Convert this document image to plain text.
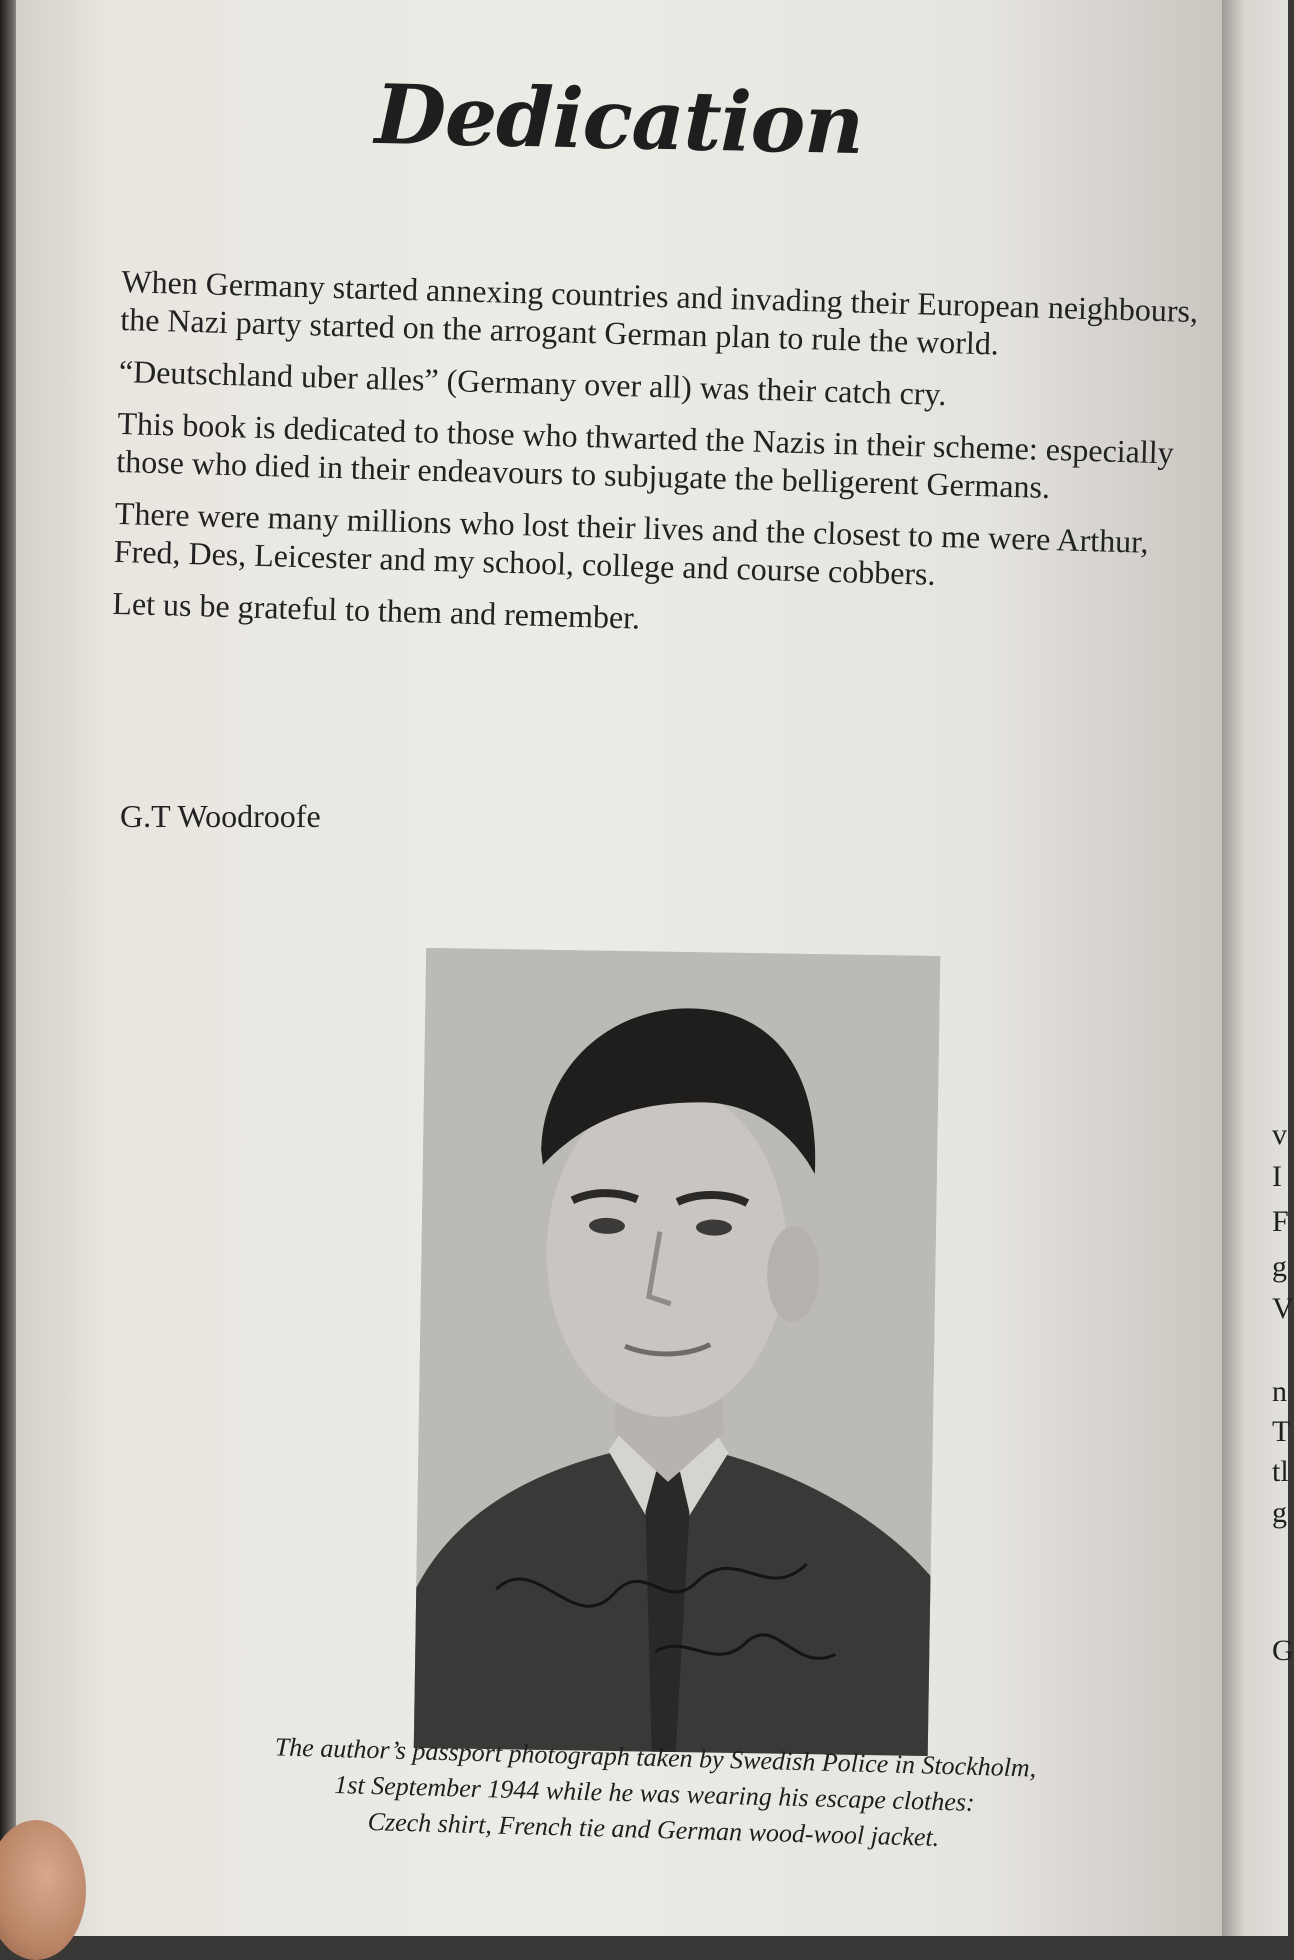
Dedication

When Germany started annexing countries and invading their European neighbours, the Nazi party started on the arrogant German plan to rule the world.

“Deutschland uber alles” (Germany over all) was their catch cry.

This book is dedicated to those who thwarted the Nazis in their scheme: especially those who died in their endeavours to subjugate the belligerent Germans.

There were many millions who lost their lives and the closest to me were Arthur, Fred, Des, Leicester and my school, college and course cobbers.

Let us be grateful to them and remember.

G.T Woodroofe

The author’s passport photograph taken by Swedish Police in Stockholm,
1st September 1944 while he was wearing his escape clothes:
Czech shirt, French tie and German wood-wool jacket.
v
I
F
g
V
n
T
tl
g
G
